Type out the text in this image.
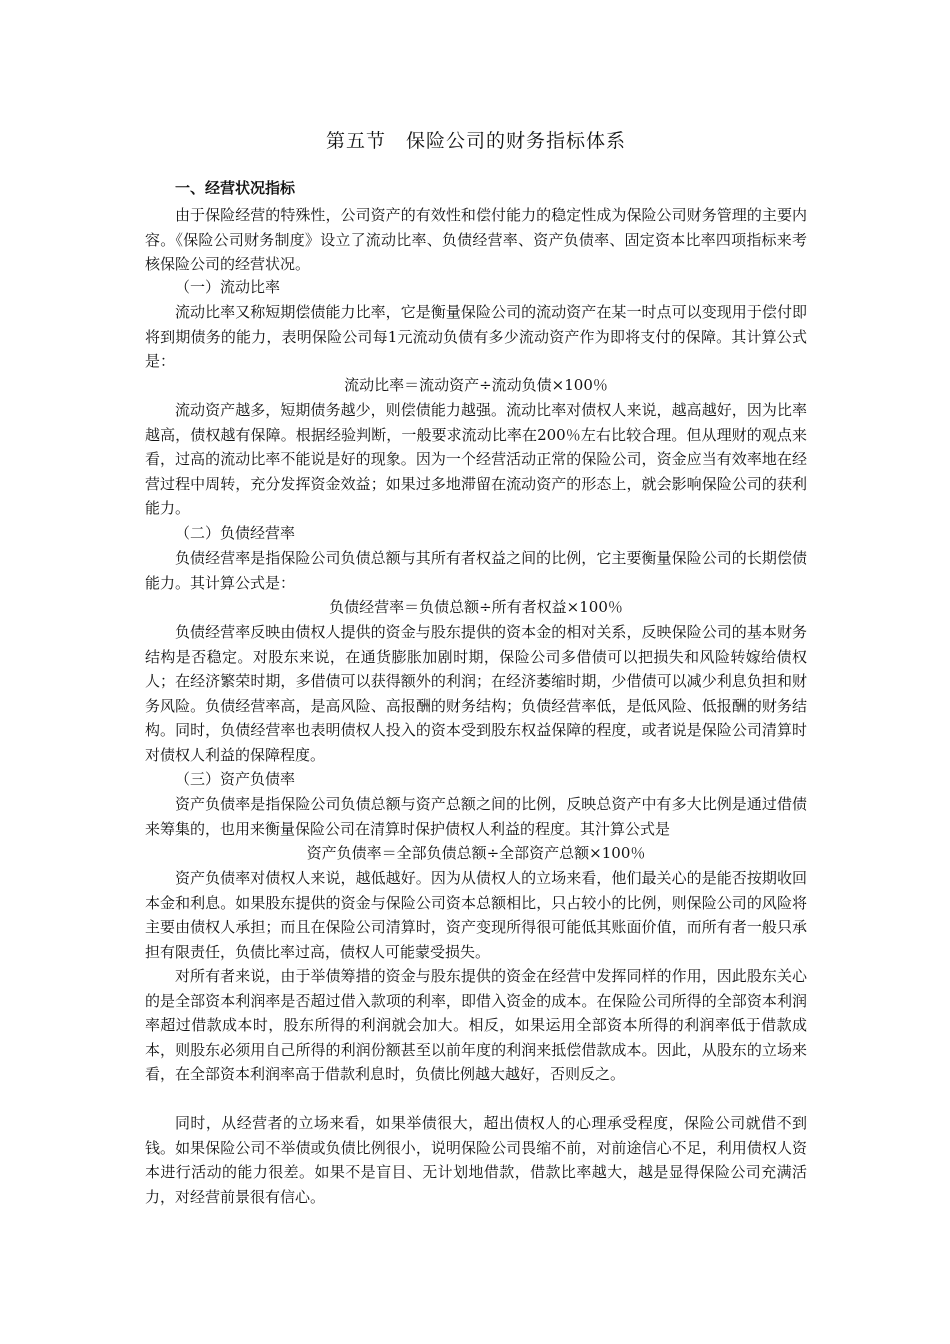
第五节　保险公司的财务指标体系
一、经营状况指标

由于保险经营的特殊性，公司资产的有效性和偿付能力的稳定性成为保险公司财务管理的主要内容。《保险公司财务制度》设立了流动比率、负债经营率、资产负债率、固定资本比率四项指标来考核保险公司的经营状况。

（一）流动比率

流动比率又称短期偿债能力比率，它是衡量保险公司的流动资产在某一时点可以变现用于偿付即将到期债务的能力，表明保险公司每1元流动负债有多少流动资产作为即将支付的保障。其计算公式是：

流动比率＝流动资产÷流动负债×100％

流动资产越多，短期债务越少，则偿债能力越强。流动比率对债权人来说，越高越好，因为比率越高，债权越有保障。根据经验判断，一般要求流动比率在200％左右比较合理。但从理财的观点来看，过高的流动比率不能说是好的现象。因为一个经营活动正常的保险公司，资金应当有效率地在经营过程中周转，充分发挥资金效益；如果过多地滞留在流动资产的形态上，就会影响保险公司的获利能力。

（二）负债经营率

负债经营率是指保险公司负债总额与其所有者权益之间的比例，它主要衡量保险公司的长期偿债能力。其计算公式是：

负债经营率＝负债总额÷所有者权益×100％

负债经营率反映由债权人提供的资金与股东提供的资本金的相对关系，反映保险公司的基本财务结构是否稳定。对股东来说，在通货膨胀加剧时期，保险公司多借债可以把损失和风险转嫁给债权人；在经济繁荣时期，多借债可以获得额外的利润；在经济萎缩时期，少借债可以减少利息负担和财务风险。负债经营率高，是高风险、高报酬的财务结构；负债经营率低，是低风险、低报酬的财务结构。同时，负债经营率也表明债权人投入的资本受到股东权益保障的程度，或者说是保险公司清算时对债权人利益的保障程度。

（三）资产负债率

资产负债率是指保险公司负债总额与资产总额之间的比例，反映总资产中有多大比例是通过借债来筹集的，也用来衡量保险公司在清算时保护债权人利益的程度。其汁算公式是

资产负债率＝全部负债总额÷全部资产总额×100％

资产负债率对债权人来说，越低越好。因为从债权人的立场来看，他们最关心的是能否按期收回本金和利息。如果股东提供的资金与保险公司资本总额相比，只占较小的比例，则保险公司的风险将主要由债权人承担；而且在保险公司清算时，资产变现所得很可能低其账面价值，而所有者一般只承担有限责任，负债比率过高，债权人可能蒙受损失。

对所有者来说，由于举债筹措的资金与股东提供的资金在经营中发挥同样的作用，因此股东关心的是全部资本利润率是否超过借入款项的利率，即借入资金的成本。在保险公司所得的全部资本利润率超过借款成本时，股东所得的利润就会加大。相反，如果运用全部资本所得的利润率低于借款成本，则股东必须用自己所得的利润份额甚至以前年度的利润来抵偿借款成本。因此，从股东的立场来看，在全部资本利润率高于借款利息时，负债比例越大越好，否则反之。

同时，从经营者的立场来看，如果举债很大，超出债权人的心理承受程度，保险公司就借不到钱。如果保险公司不举债或负债比例很小，说明保险公司畏缩不前，对前途信心不足，利用债权人资本进行活动的能力很差。如果不是盲目、无计划地借款，借款比率越大，越是显得保险公司充满活力，对经营前景很有信心。
